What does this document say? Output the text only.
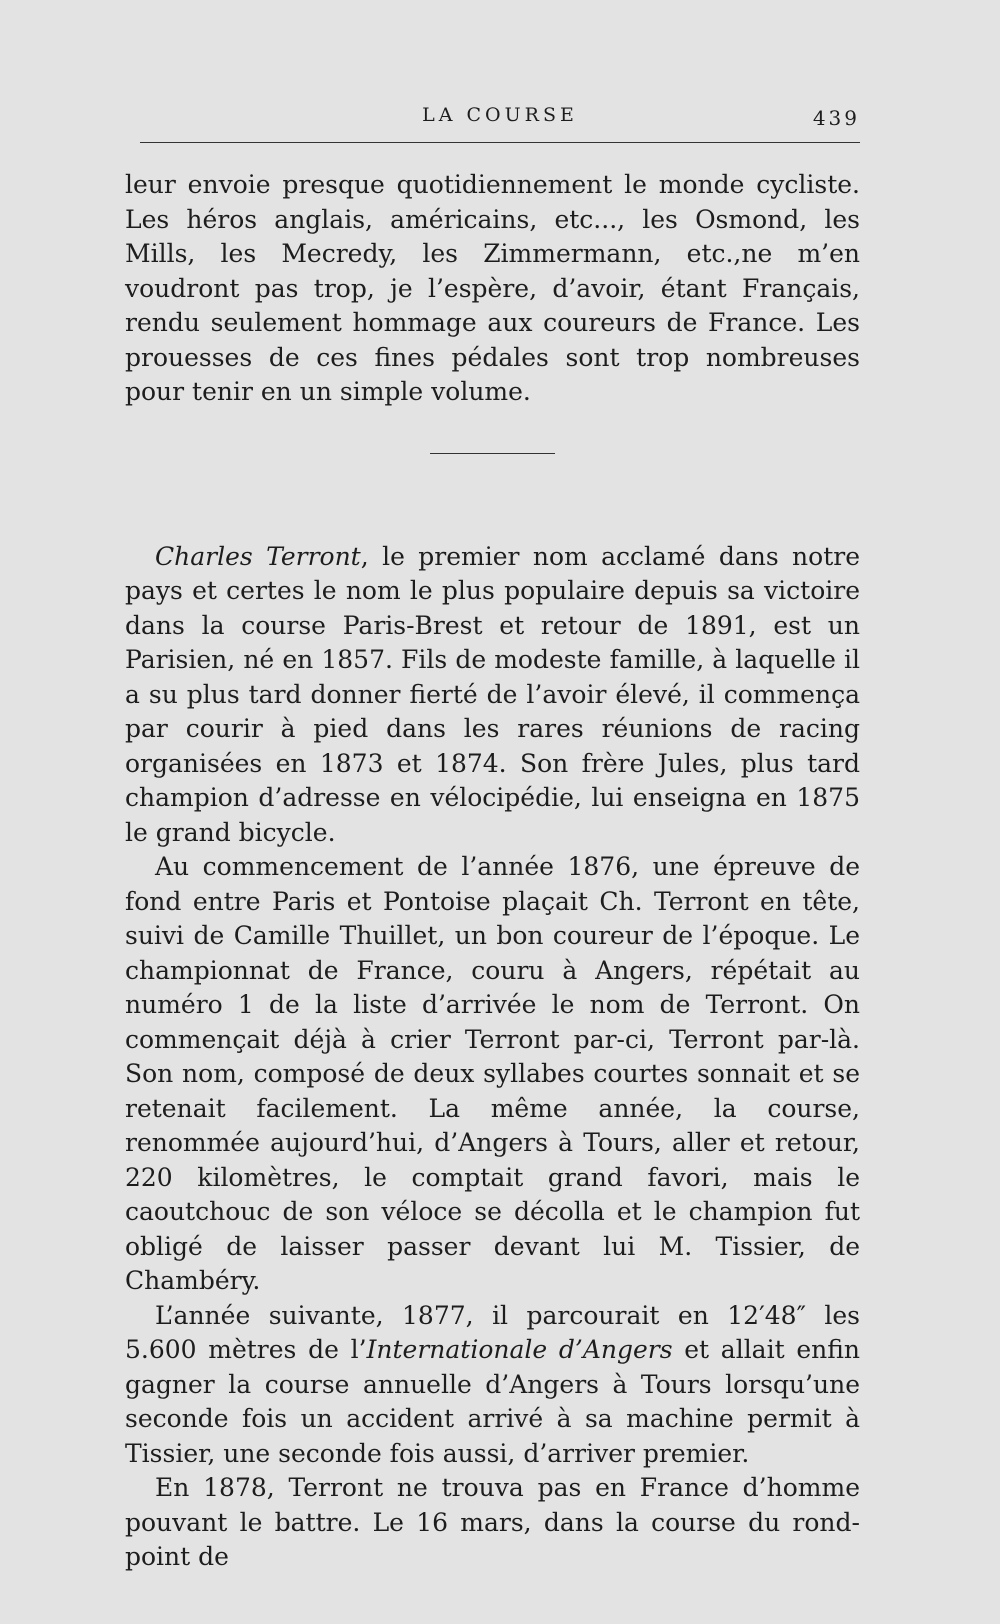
LA COURSE	439

leur envoie presque quotidiennement le monde cycliste. Les héros anglais, américains, etc..., les Osmond, les Mills, les Mecredy, les Zimmermann, etc.,ne m’en voudront pas trop, je l’espère, d’avoir, étant Français, rendu seulement hommage aux coureurs de France. Les prouesses de ces fines pédales sont trop nombreuses pour tenir en un simple volume.

Charles Terront, le premier nom acclamé dans notre pays et certes le nom le plus populaire depuis sa victoire dans la course Paris-Brest et retour de 1891, est un Parisien, né en 1857. Fils de modeste famille, à laquelle il a su plus tard donner fierté de l’avoir élevé, il commença par courir à pied dans les rares réunions de racing organisées en 1873 et 1874. Son frère Jules, plus tard champion d’adresse en vélocipédie, lui enseigna en 1875 le grand bicycle.

Au commencement de l’année 1876, une épreuve de fond entre Paris et Pontoise plaçait Ch. Terront en tête, suivi de Camille Thuillet, un bon coureur de l’époque. Le championnat de France, couru à Angers, répétait au numéro 1 de la liste d’arrivée le nom de Terront. On commençait déjà à crier Terront par-ci, Terront par-là. Son nom, composé de deux syllabes courtes sonnait et se retenait facilement. La même année, la course, renommée aujourd’hui, d’Angers à Tours, aller et retour, 220 kilomètres, le comptait grand favori, mais le caoutchouc de son véloce se décolla et le champion fut obligé de laisser passer devant lui M. Tissier, de Chambéry.

L’année suivante, 1877, il parcourait en 12′48″ les 5.600 mètres de l’Internationale d’Angers et allait enfin gagner la course annuelle d’Angers à Tours lorsqu’une seconde fois un accident arrivé à sa machine permit à Tissier, une seconde fois aussi, d’arriver premier.

En 1878, Terront ne trouva pas en France d’homme pouvant le battre. Le 16 mars, dans la course du rond-point de
